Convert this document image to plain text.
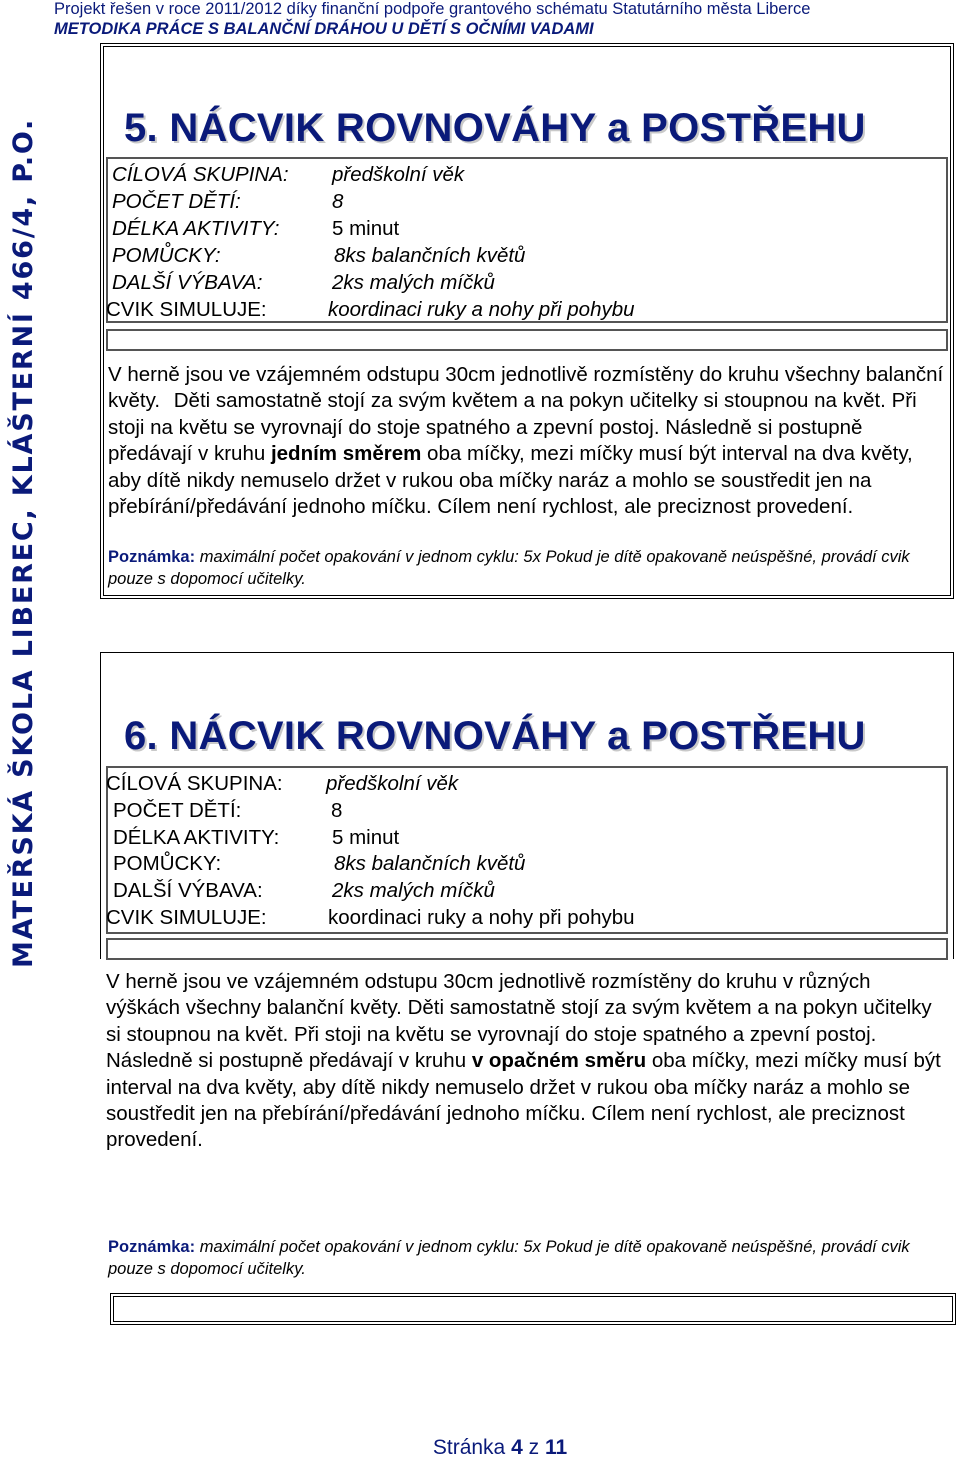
Projekt řešen v roce 2011/2012 díky finanční podpoře grantového schématu Statutárního města Liberce
METODIKA PRÁCE S BALANČNÍ DRÁHOU U DĚTÍ S OČNÍMI VADAMI
MATEŘSKÁ ŠKOLA LIBEREC, KLÁŠTERNÍ 466/4, P.O. 5. NÁCVIK ROVNOVÁHY a POSTŘEHU
CÍLOVÁ SKUPINA: předškolní věk
POČET DĚTÍ:	8
DÉLKA AKTIVITY:	5 minut
POMŮCKY:	8ks balančních květů
DALŠÍ VÝBAVA:	2ks malých míčků
CVIK SIMULUJE:	koordinaci ruky a nohy při pohybu
V herně jsou ve vzájemném odstupu 30cm jednotlivě rozmístěny do kruhu všechny balanční květy. Děti samostatně stojí za svým květem a na pokyn učitelky si stoupnou na květ. Při stoji na květu se vyrovnají do stoje spatného a zpevní postoj. Následně si postupně předávají v kruhu jedním směrem oba míčky, mezi míčky musí být interval na dva květy, aby dítě nikdy nemuselo držet v rukou oba míčky naráz a mohlo se soustředit jen na přebírání/předávání jednoho míčku. Cílem není rychlost, ale preciznost provedení.
Poznámka: maximální počet opakování v jednom cyklu: 5x Pokud je dítě opakovaně neúspěšné, provádí cvik pouze s dopomocí učitelky.
6. NÁCVIK ROVNOVÁHY a POSTŘEHU
CÍLOVÁ SKUPINA: předškolní věk
POČET DĚTÍ:	8
DÉLKA AKTIVITY:	5 minut
POMŮCKY:	8ks balančních květů
DALŠÍ VÝBAVA:	2ks malých míčků
CVIK SIMULUJE:	koordinaci ruky a nohy při pohybu
V herně jsou ve vzájemném odstupu 30cm jednotlivě rozmístěny do kruhu v různých výškách všechny balanční květy. Děti samostatně stojí za svým květem a na pokyn učitelky si stoupnou na květ. Při stoji na květu se vyrovnají do stoje spatného a zpevní postoj. Následně si postupně předávají v kruhu v opačném směru oba míčky, mezi míčky musí být interval na dva květy, aby dítě nikdy nemuselo držet v rukou oba míčky naráz a mohlo se soustředit jen na přebírání/předávání jednoho míčku. Cílem není rychlost, ale preciznost provedení.
Poznámka: maximální počet opakování v jednom cyklu: 5x Pokud je dítě opakovaně neúspěšné, provádí cvik pouze s dopomocí učitelky.
Stránka 4 z 11
